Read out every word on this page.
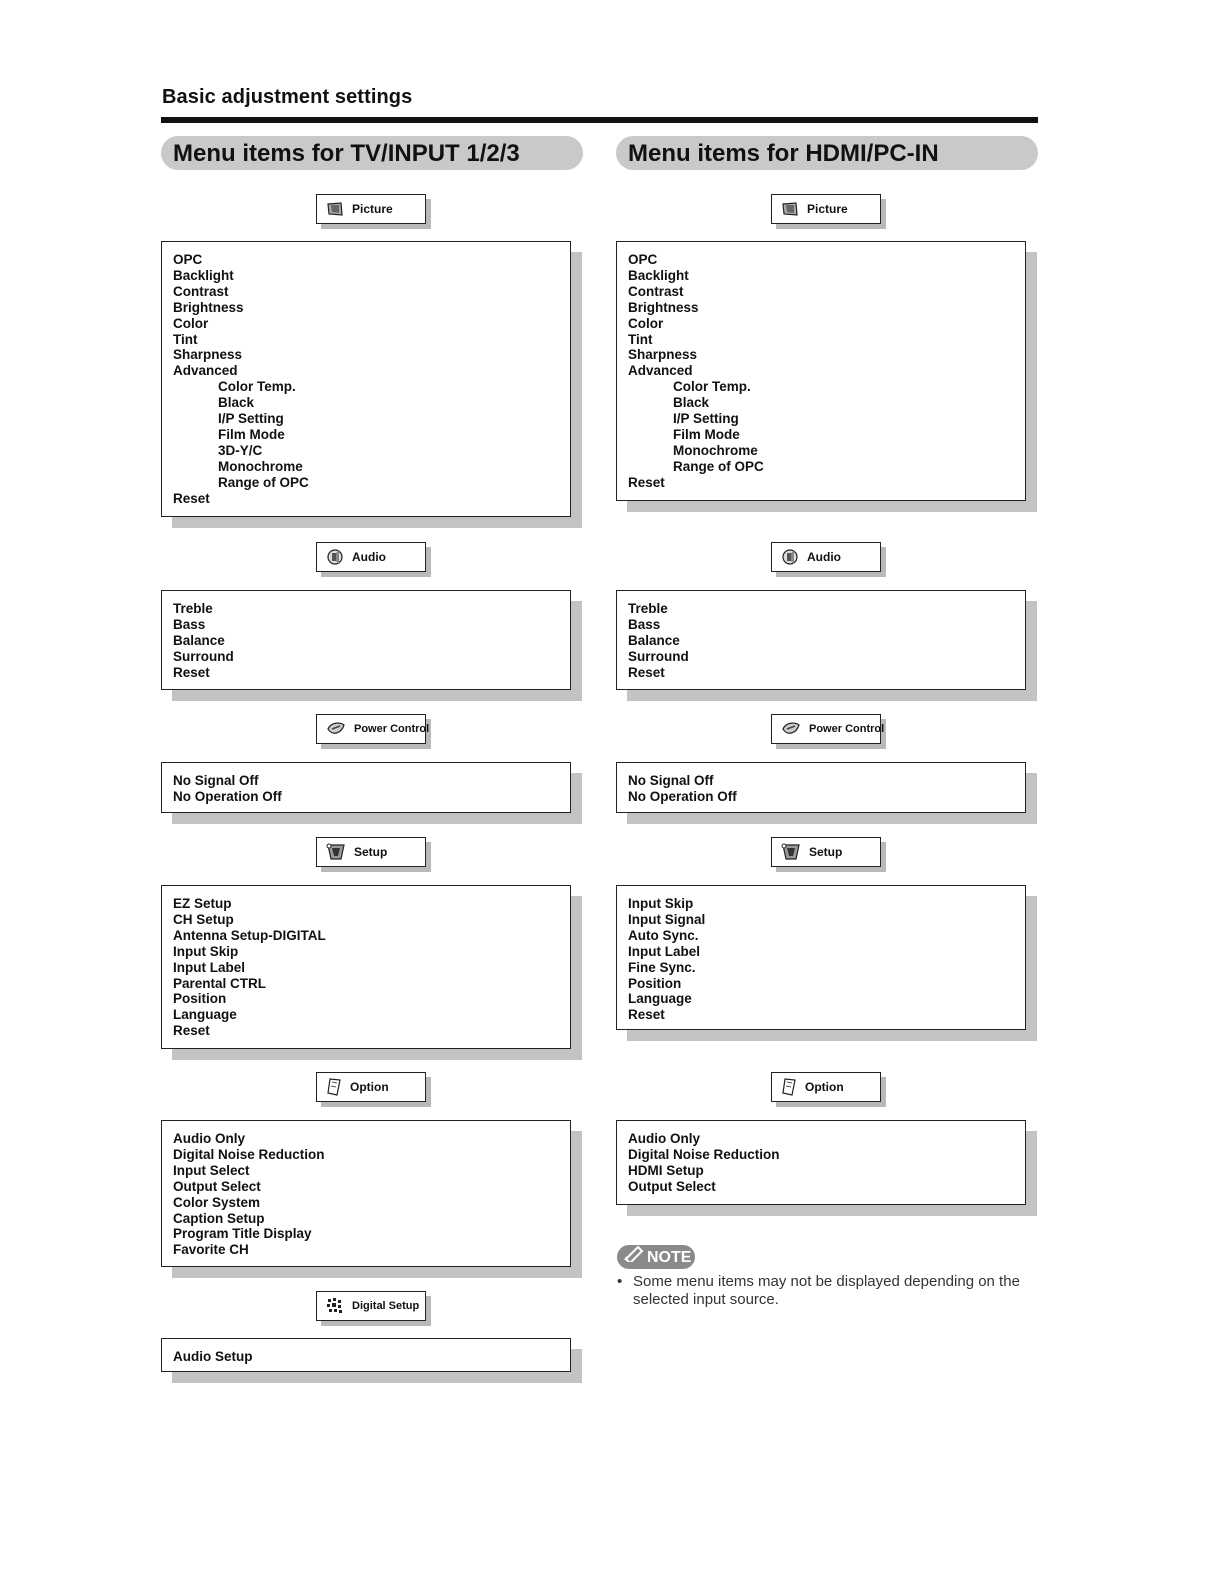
Basic adjustment settings
Menu items for TV/INPUT 1/2/3
Picture
OPC
Backlight
Contrast
Brightness
Color
Tint
Sharpness
Advanced
Color Temp.
Black
I/P Setting
Film Mode
3D-Y/C
Monochrome
Range of OPC
Reset
Audio
Treble
Bass
Balance
Surround
Reset
Power Control
No Signal Off
No Operation Off
Setup
EZ Setup
CH Setup
Antenna Setup-DIGITAL
Input Skip
Input Label
Parental CTRL
Position
Language
Reset
Option
Audio Only
Digital Noise Reduction
Input Select
Output Select
Color System
Caption Setup
Program Title Display
Favorite CH
Digital Setup
Audio Setup
Menu items for HDMI/PC-IN
Picture
OPC
Backlight
Contrast
Brightness
Color
Tint
Sharpness
Advanced
Color Temp.
Black
I/P Setting
Film Mode
Monochrome
Range of OPC
Reset
Audio
Treble
Bass
Balance
Surround
Reset
Power Control
No Signal Off
No Operation Off
Setup
Input Skip
Input Signal
Auto Sync.
Input Label
Fine Sync.
Position
Language
Reset
Option
Audio Only
Digital Noise Reduction
HDMI Setup
Output Select
NOTE
• Some menu items may not be displayed depending on the selected input source.
